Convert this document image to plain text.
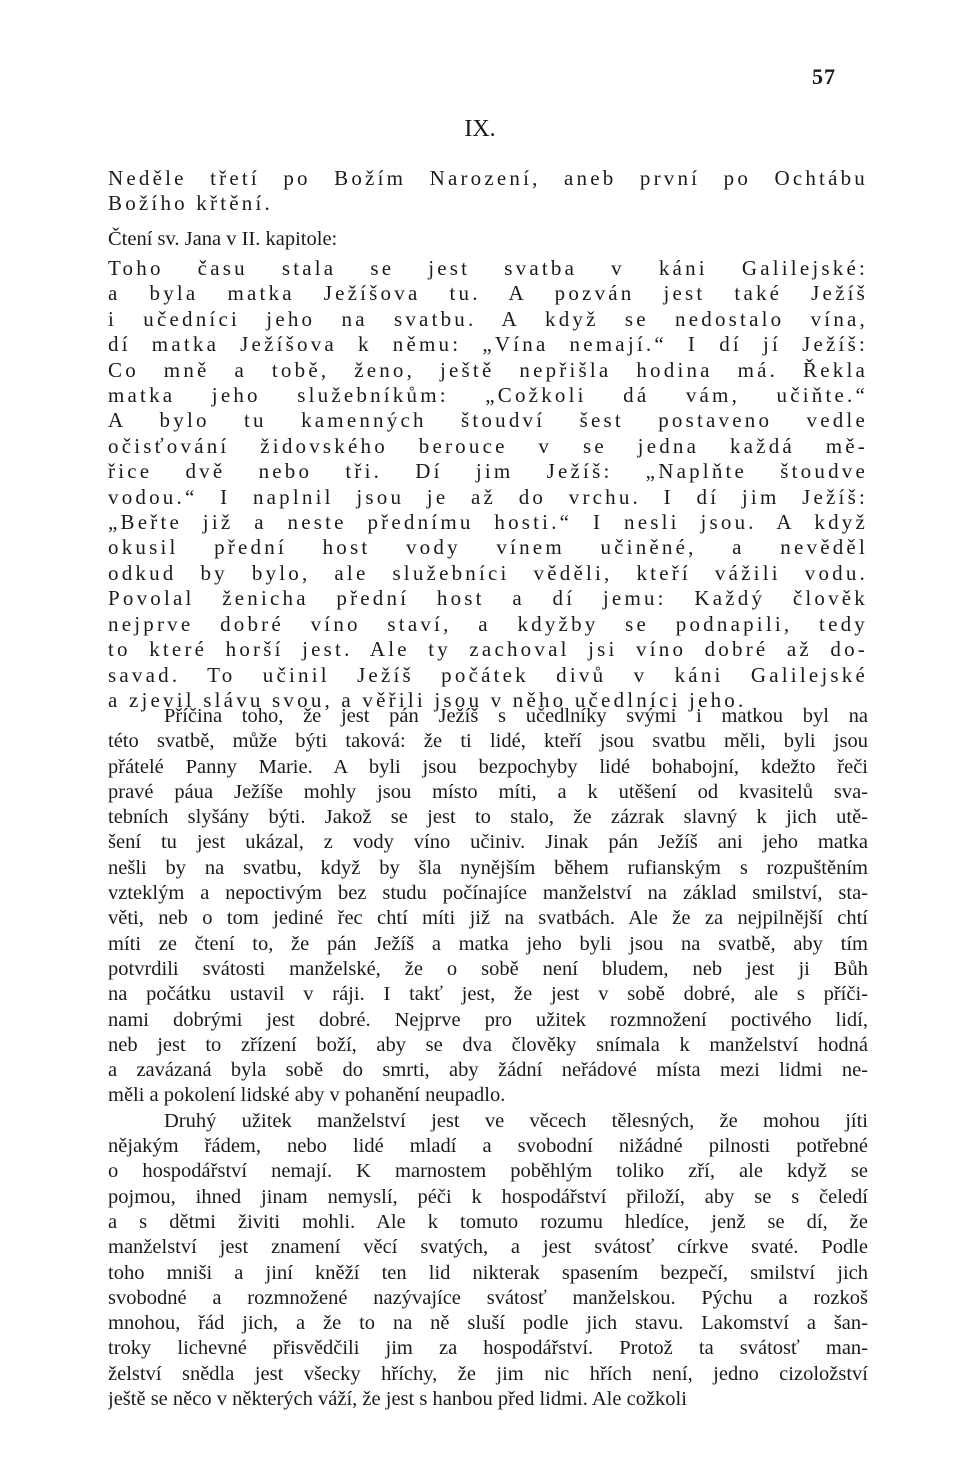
57
IX.
Neděle třetí po Božím Narození, aneb první po Ochtábu
Božího křtění.
Čtení sv. Jana v II. kapitole:
Toho času stala se jest svatba v káni Galilejské:
a byla matka Ježíšova tu. A pozván jest také Ježíš
i učedníci jeho na svatbu. A když se nedostalo vína,
dí matka Ježíšova k němu: „Vína nemají.“ I dí jí Ježíš:
Co mně a tobě, ženo, ještě nepřišla hodina má. Řekla
matka jeho služebníkům: „Cožkoli dá vám, učiňte.“
A bylo tu kamenných štoudví šest postaveno vedle
očisťování židovského berouce v se jedna každá mě-
řice dvě nebo tři. Dí jim Ježíš: „Naplňte štoudve
vodou.“ I naplnil jsou je až do vrchu. I dí jim Ježíš:
„Beřte již a neste přednímu hosti.“ I nesli jsou. A když
okusil přední host vody vínem učiněné, a nevěděl
odkud by bylo, ale služebníci věděli, kteří vážili vodu.
Povolal ženicha přední host a dí jemu: Každý člověk
nejprve dobré víno staví, a kdyžby se podnapili, tedy
to které horší jest. Ale ty zachoval jsi víno dobré až do-
savad. To učinil Ježíš počátek divů v káni Galilejské
a zjevil slávu svou, a věřili jsou v něho učedlníci jeho.
Příčina toho, že jest pán Ježíš s učedlníky svými i matkou byl na
této svatbě, může býti taková: že ti lidé, kteří jsou svatbu měli, byli jsou
přátelé Panny Marie. A byli jsou bezpochyby lidé bohabojní, kdežto řeči
pravé páua Ježíše mohly jsou místo míti, a k utěšení od kvasitelů sva-
tebních slyšány býti. Jakož se jest to stalo, že zázrak slavný k jich utě-
šení tu jest ukázal, z vody víno učiniv. Jinak pán Ježíš ani jeho matka
nešli by na svatbu, když by šla nynějším během rufianským s rozpuštěním
vzteklým a nepoctivým bez studu počínajíce manželství na základ smilství, sta-
věti, neb o tom jediné řec chtí míti již na svatbách. Ale že za nejpilnější chtí
míti ze čtení to, že pán Ježíš a matka jeho byli jsou na svatbě, aby tím
potvrdili svátosti manželské, že o sobě není bludem, neb jest ji Bůh
na počátku ustavil v ráji. I takť jest, že jest v sobě dobré, ale s příči-
nami dobrými jest dobré. Nejprve pro užitek rozmnožení poctivého lidí,
neb jest to zřízení boží, aby se dva člověky snímala k manželství hodná
a zavázaná byla sobě do smrti, aby žádní neřádové místa mezi lidmi ne-
měli a pokolení lidské aby v pohanění neupadlo.
Druhý užitek manželství jest ve věcech tělesných, že mohou jíti
nějakým řádem, nebo lidé mladí a svobodní nižádné pilnosti potřebné
o hospodářství nemají. K marnostem poběhlým toliko zří, ale když se
pojmou, ihned jinam nemyslí, péči k hospodářství přiloží, aby se s čeledí
a s dětmi živiti mohli. Ale k tomuto rozumu hledíce, jenž se dí, že
manželství jest znamení věcí svatých, a jest svátosť církve svaté. Podle
toho mniši a jiní kněží ten lid nikterak spasením bezpečí, smilství jich
svobodné a rozmnožené nazývajíce svátosť manželskou. Pýchu a rozkoš
mnohou, řád jich, a že to na ně sluší podle jich stavu. Lakomství a šan-
troky lichevné přisvědčili jim za hospodářství. Protož ta svátosť man-
želství snědla jest všecky hříchy, že jim nic hřích není, jedno cizoložství
ještě se něco v některých váží, že jest s hanbou před lidmi. Ale cožkoli
